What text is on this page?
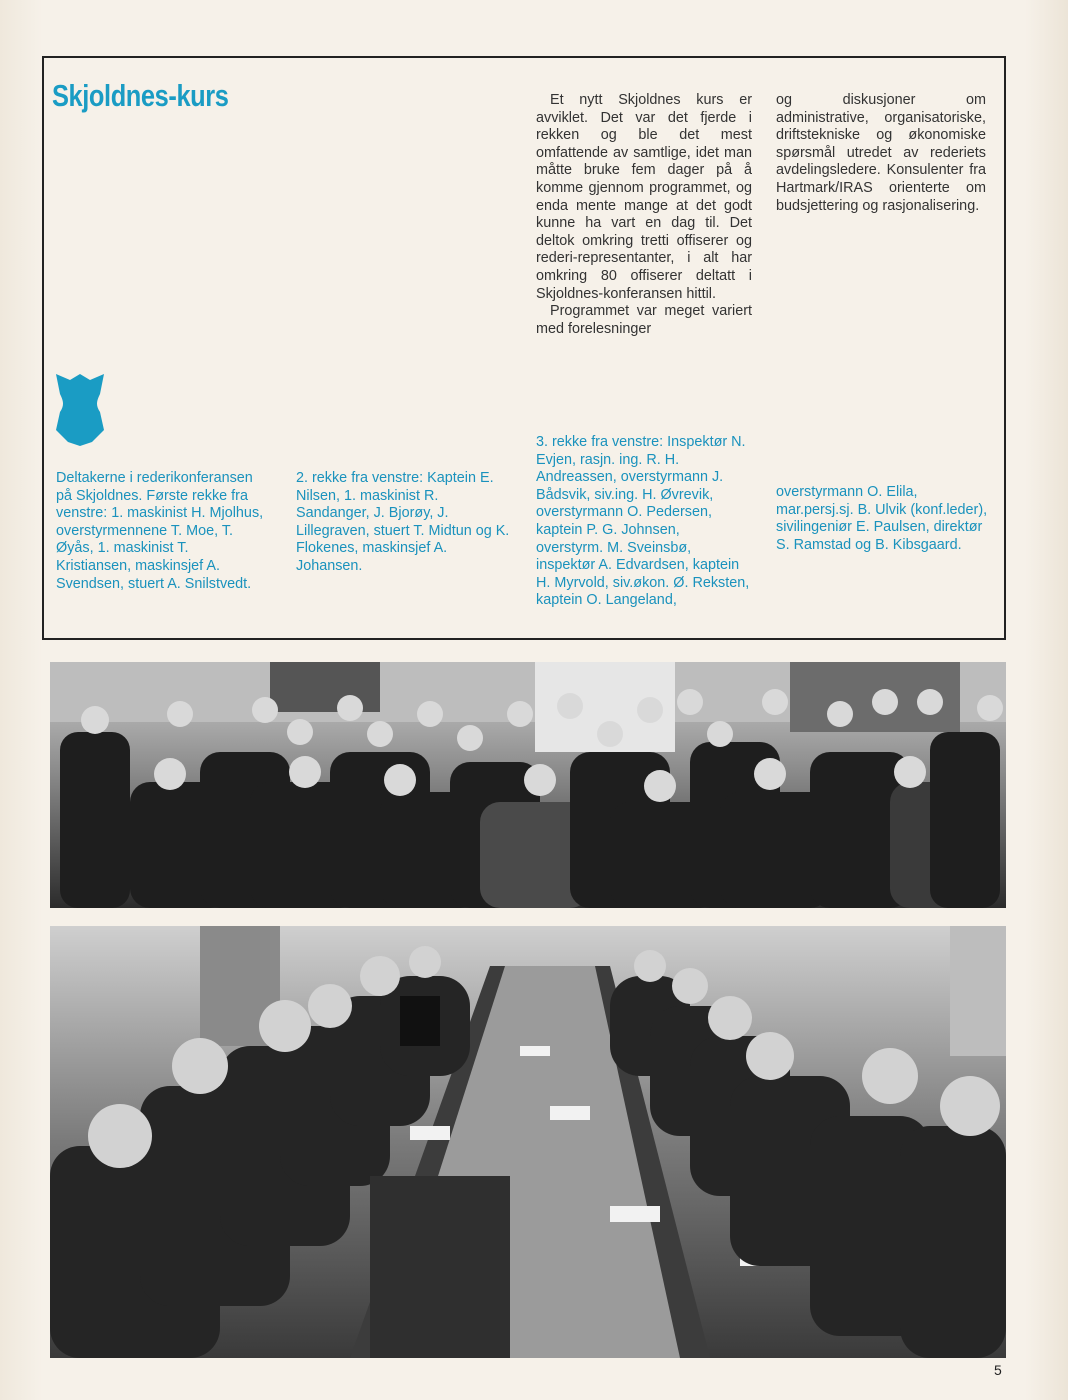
Skjoldnes-kurs	Et nytt Skjoldnes kurs er avviklet. Det var det fjerde i rekken og ble det mest omfattende av samtlige, idet man måtte bruke fem dager på å komme gjennom programmet, og enda mente mange at det godt kunne ha vart en dag til. Det deltok omkring tretti offiserer og rederi-representanter, i alt har omkring 80 offiserer deltatt i Skjoldnes-konferansen hittil.

Programmet var meget variert med forelesninger

og diskusjoner om administrative, organisatoriske, driftstekniske og økonomiske spørsmål utredet av rederiets avdelingsledere. Konsulenter fra Hartmark/IRAS orienterte om budsjettering og rasjonalisering.

Deltakerne i rederikonferansen på Skjoldnes. Første rekke fra venstre: 1. maskinist H. Mjolhus, overstyrmennene T. Moe, T. Øyås, 1. maskinist T. Kristiansen, maskinsjef A. Svendsen, stuert A. Snilstvedt.

2. rekke fra venstre: Kaptein E. Nilsen, 1. maskinist R. Sandanger, J. Bjorøy, J. Lillegraven, stuert T. Midtun og K. Flokenes, maskinsjef A. Johansen.

3. rekke fra venstre: Inspektør N. Evjen, rasjn. ing. R. H. Andreassen, overstyrmann J. Bådsvik, siv.ing. H. Øvrevik, overstyrmann O. Pedersen, kaptein P. G. Johnsen, overstyrm. M. Sveinsbø, inspektør A. Edvardsen, kaptein H. Myrvold, siv.økon. Ø. Reksten, kaptein O. Langeland,

overstyrmann O. Elila, mar.persj.sj. B. Ulvik (konf.leder), sivilingeniør E. Paulsen, direktør S. Ramstad og B. Kibsgaard.

5
